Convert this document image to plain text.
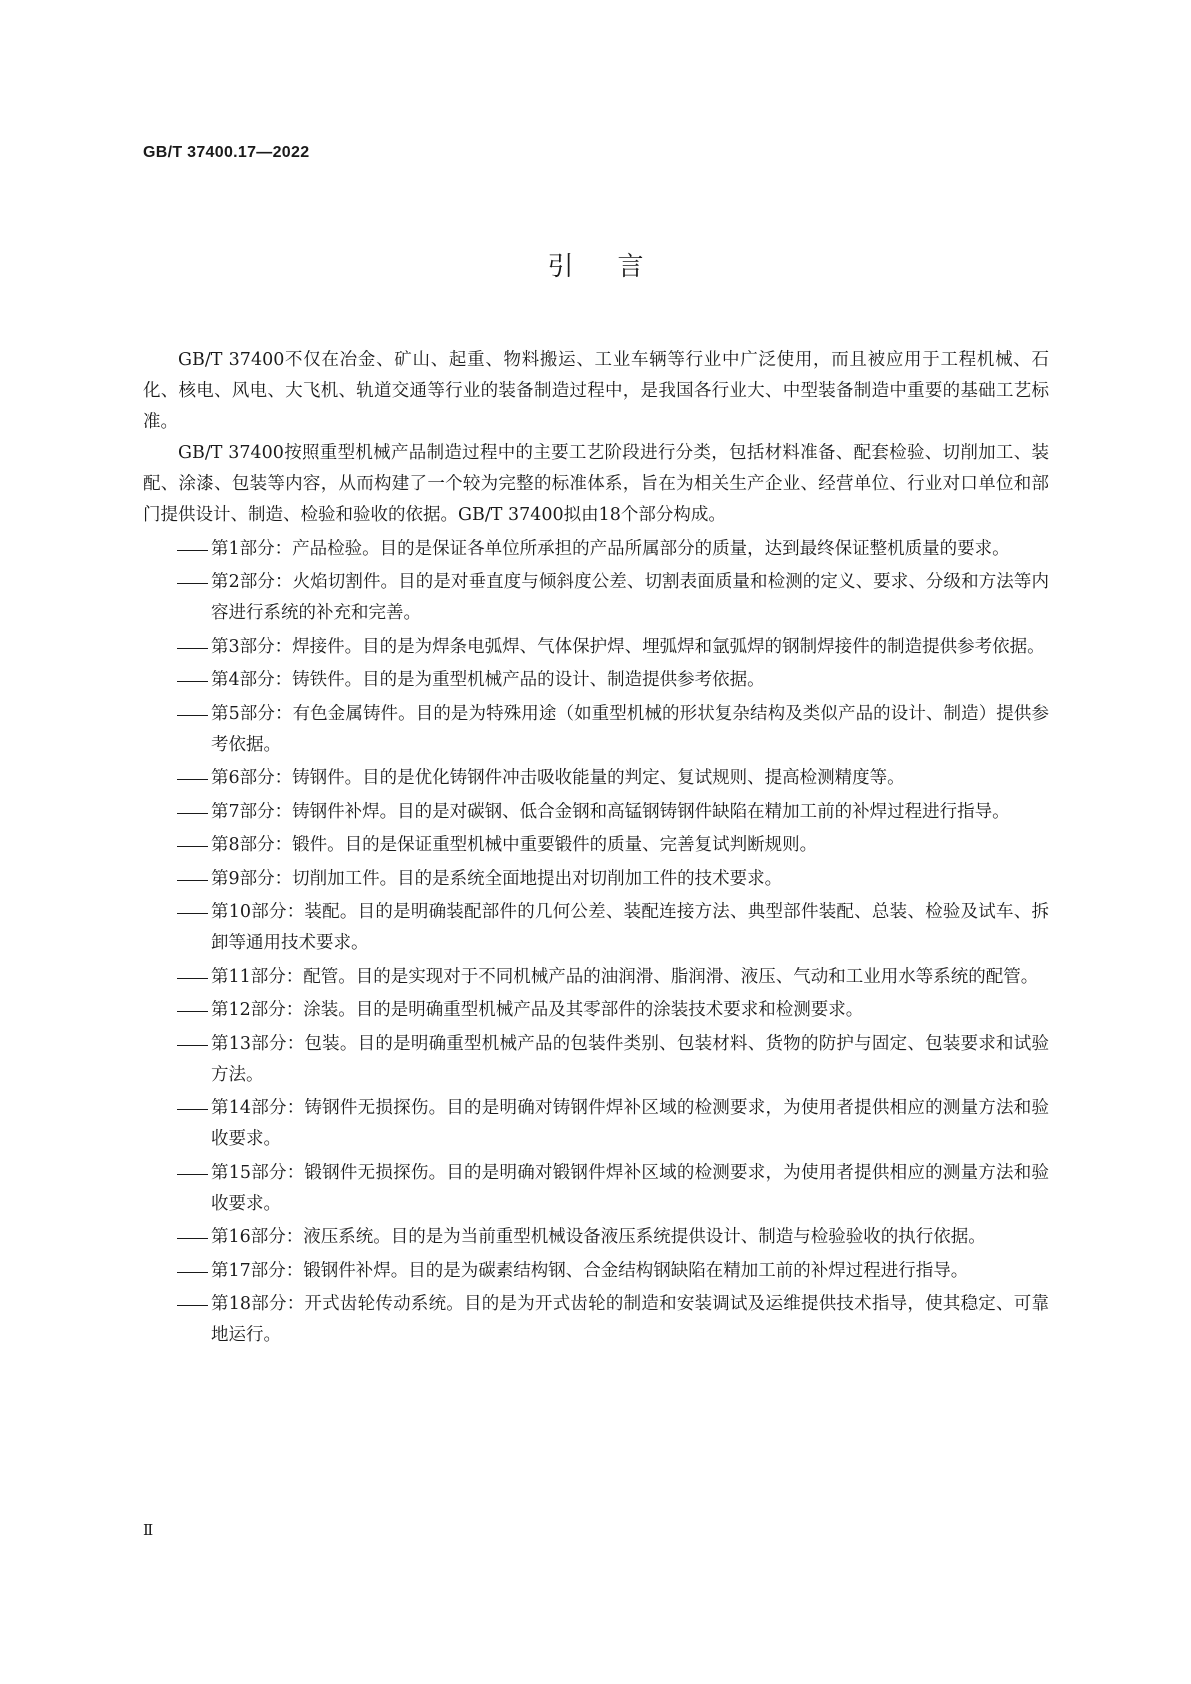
GB/T 37400.17—2022
引言

GB/T 37400不仅在冶金、矿山、起重、物料搬运、工业车辆等行业中广泛使用，而且被应用于工程机械、石化、核电、风电、大飞机、轨道交通等行业的装备制造过程中，是我国各行业大、中型装备制造中重要的基础工艺标准。

GB/T 37400按照重型机械产品制造过程中的主要工艺阶段进行分类，包括材料准备、配套检验、切削加工、装配、涂漆、包装等内容，从而构建了一个较为完整的标准体系，旨在为相关生产企业、经营单位、行业对口单位和部门提供设计、制造、检验和验收的依据。GB/T 37400拟由18个部分构成。

第1部分：产品检验。目的是保证各单位所承担的产品所属部分的质量，达到最终保证整机质量的要求。
第2部分：火焰切割件。目的是对垂直度与倾斜度公差、切割表面质量和检测的定义、要求、分级和方法等内容进行系统的补充和完善。
第3部分：焊接件。目的是为焊条电弧焊、气体保护焊、埋弧焊和氩弧焊的钢制焊接件的制造提供参考依据。
第4部分：铸铁件。目的是为重型机械产品的设计、制造提供参考依据。
第5部分：有色金属铸件。目的是为特殊用途（如重型机械的形状复杂结构及类似产品的设计、制造）提供参考依据。
第6部分：铸钢件。目的是优化铸钢件冲击吸收能量的判定、复试规则、提高检测精度等。
第7部分：铸钢件补焊。目的是对碳钢、低合金钢和高锰钢铸钢件缺陷在精加工前的补焊过程进行指导。
第8部分：锻件。目的是保证重型机械中重要锻件的质量、完善复试判断规则。
第9部分：切削加工件。目的是系统全面地提出对切削加工件的技术要求。
第10部分：装配。目的是明确装配部件的几何公差、装配连接方法、典型部件装配、总装、检验及试车、拆卸等通用技术要求。
第11部分：配管。目的是实现对于不同机械产品的油润滑、脂润滑、液压、气动和工业用水等系统的配管。
第12部分：涂装。目的是明确重型机械产品及其零部件的涂装技术要求和检测要求。
第13部分：包装。目的是明确重型机械产品的包装件类别、包装材料、货物的防护与固定、包装要求和试验方法。
第14部分：铸钢件无损探伤。目的是明确对铸钢件焊补区域的检测要求，为使用者提供相应的测量方法和验收要求。
第15部分：锻钢件无损探伤。目的是明确对锻钢件焊补区域的检测要求，为使用者提供相应的测量方法和验收要求。
第16部分：液压系统。目的是为当前重型机械设备液压系统提供设计、制造与检验验收的执行依据。
第17部分：锻钢件补焊。目的是为碳素结构钢、合金结构钢缺陷在精加工前的补焊过程进行指导。
第18部分：开式齿轮传动系统。目的是为开式齿轮的制造和安装调试及运维提供技术指导，使其稳定、可靠地运行。
Ⅱ
